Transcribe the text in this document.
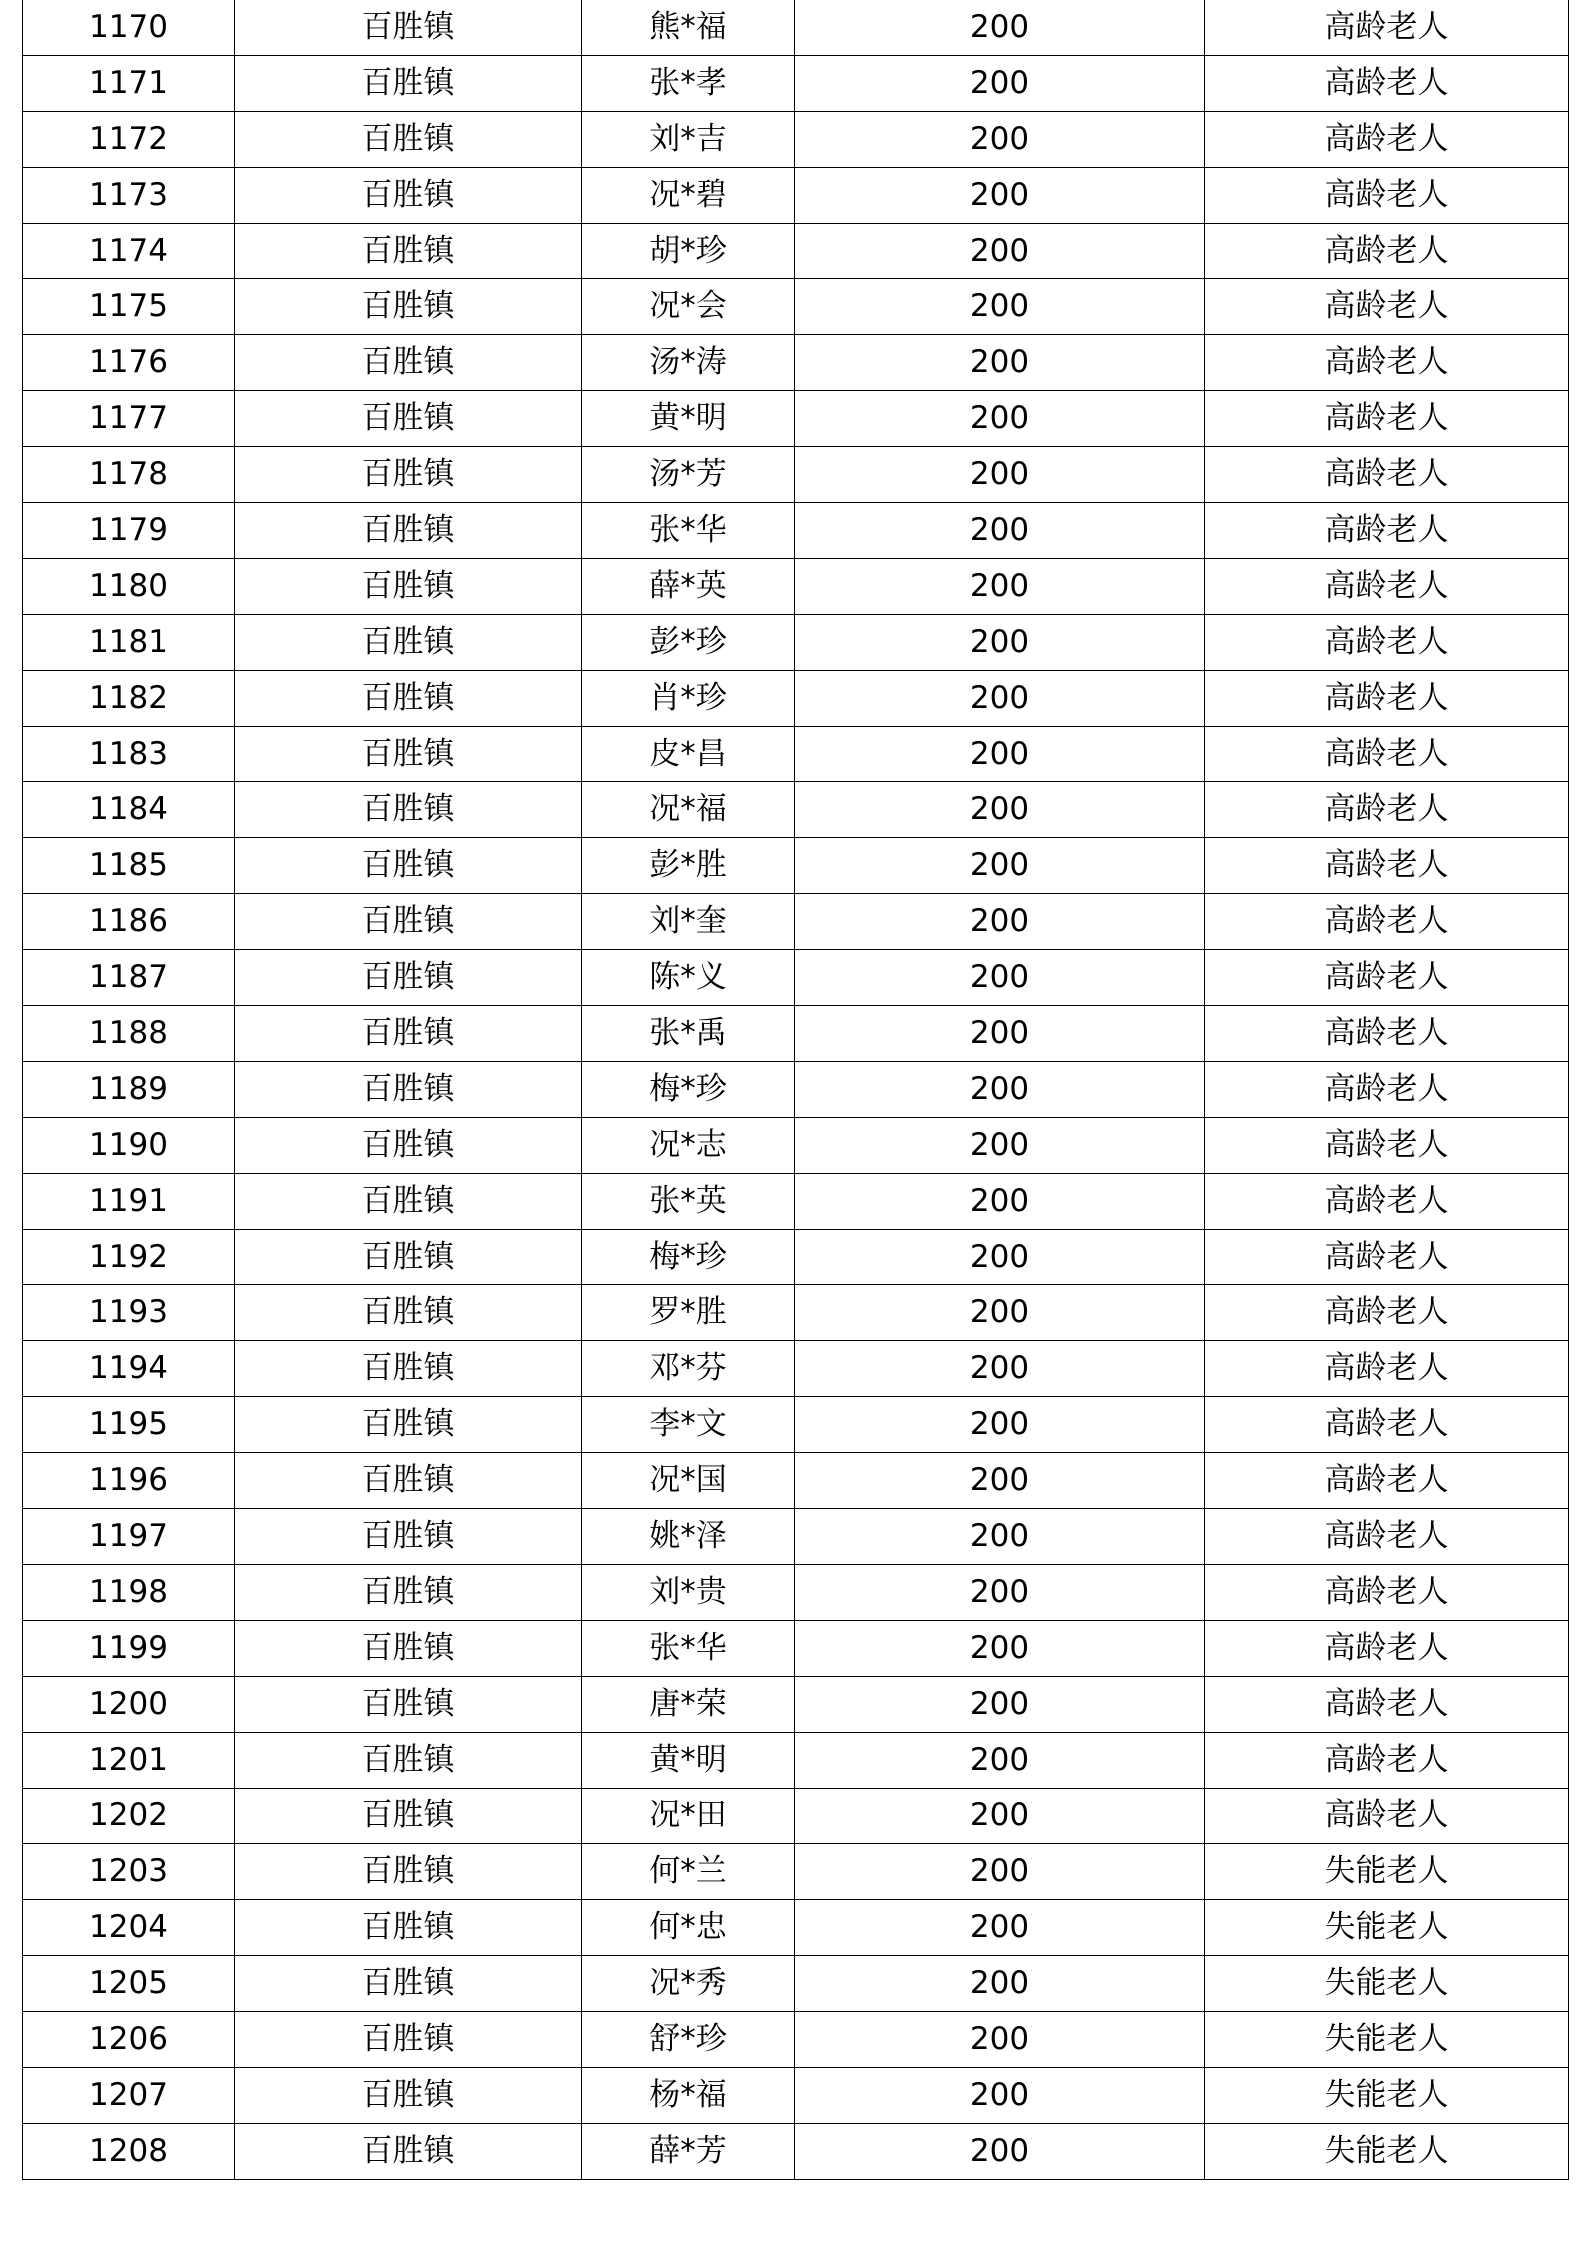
1170	百胜镇	熊*福	200	高龄老人
1171	百胜镇	张*孝	200	高龄老人
1172	百胜镇	刘*吉	200	高龄老人
1173	百胜镇	况*碧	200	高龄老人
1174	百胜镇	胡*珍	200	高龄老人
1175	百胜镇	况*会	200	高龄老人
1176	百胜镇	汤*涛	200	高龄老人
1177	百胜镇	黄*明	200	高龄老人
1178	百胜镇	汤*芳	200	高龄老人
1179	百胜镇	张*华	200	高龄老人
1180	百胜镇	薛*英	200	高龄老人
1181	百胜镇	彭*珍	200	高龄老人
1182	百胜镇	肖*珍	200	高龄老人
1183	百胜镇	皮*昌	200	高龄老人
1184	百胜镇	况*福	200	高龄老人
1185	百胜镇	彭*胜	200	高龄老人
1186	百胜镇	刘*奎	200	高龄老人
1187	百胜镇	陈*义	200	高龄老人
1188	百胜镇	张*禹	200	高龄老人
1189	百胜镇	梅*珍	200	高龄老人
1190	百胜镇	况*志	200	高龄老人
1191	百胜镇	张*英	200	高龄老人
1192	百胜镇	梅*珍	200	高龄老人
1193	百胜镇	罗*胜	200	高龄老人
1194	百胜镇	邓*芬	200	高龄老人
1195	百胜镇	李*文	200	高龄老人
1196	百胜镇	况*国	200	高龄老人
1197	百胜镇	姚*泽	200	高龄老人
1198	百胜镇	刘*贵	200	高龄老人
1199	百胜镇	张*华	200	高龄老人
1200	百胜镇	唐*荣	200	高龄老人
1201	百胜镇	黄*明	200	高龄老人
1202	百胜镇	况*田	200	高龄老人
1203	百胜镇	何*兰	200	失能老人
1204	百胜镇	何*忠	200	失能老人
1205	百胜镇	况*秀	200	失能老人
1206	百胜镇	舒*珍	200	失能老人
1207	百胜镇	杨*福	200	失能老人
1208	百胜镇	薛*芳	200	失能老人
